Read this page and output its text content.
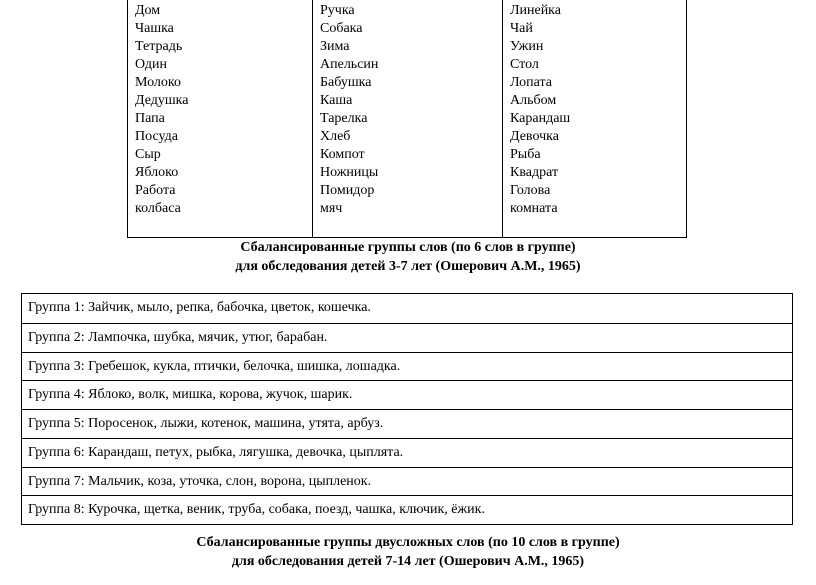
Дом
Чашка
Тетрадь
Один
Молоко
Дедушка
Папа
Посуда
Сыр
Яблоко
Работа
колбаса
Ручка
Собака
Зима
Апельсин
Бабушка
Каша
Тарелка
Хлеб
Компот
Ножницы
Помидор
мяч
Линейка
Чай
Ужин
Стол
Лопата
Альбом
Карандаш
Девочка
Рыба
Квадрат
Голова
комната
Сбалансированные группы слов (по 6 слов в группе)
для обследования детей 3-7 лет (Ошерович А.М., 1965)
Группа 1: Зайчик, мыло, репка, бабочка, цветок, кошечка.
Группа 2: Лампочка, шубка, мячик, утюг, барабан.
Группа 3: Гребешок, кукла, птички, белочка, шишка, лошадка.
Группа 4: Яблоко, волк, мишка, корова, жучок, шарик.
Группа 5: Поросенок, лыжи, котенок, машина, утята, арбуз.
Группа 6: Карандаш, петух, рыбка, лягушка, девочка, цыплята.
Группа 7: Мальчик, коза, уточка, слон, ворона, цыпленок.
Группа 8: Курочка, щетка, веник, труба, собака, поезд, чашка, ключик, ёжик.
Сбалансированные группы двусложных слов (по 10 слов в группе)
для обследования детей 7-14 лет (Ошерович А.М., 1965)
